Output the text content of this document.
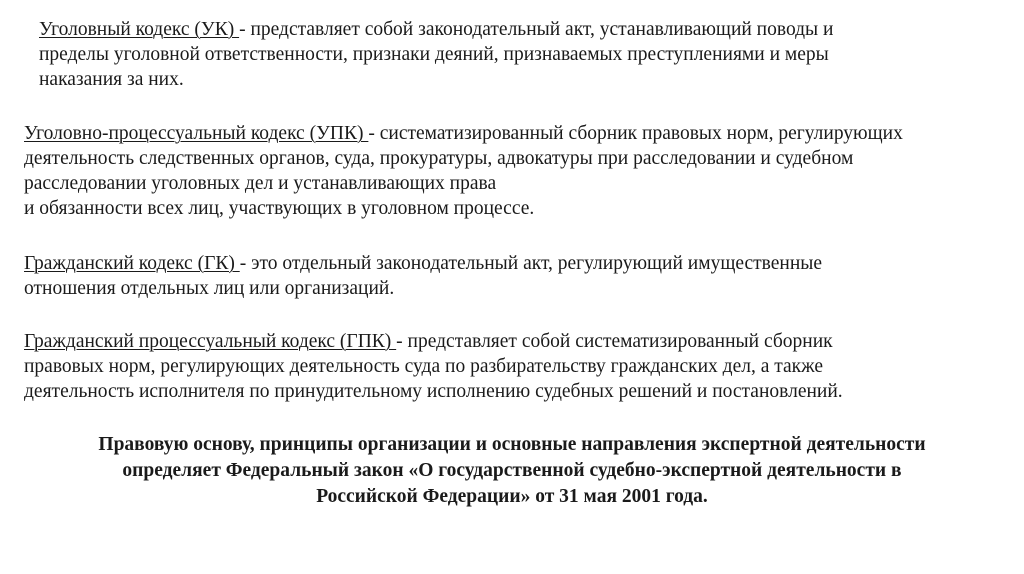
Уголовный кодекс (УК) - представляет собой законодательный акт, устанавливающий поводы и
пределы уголовной ответственности, признаки деяний, признаваемых преступлениями и меры
наказания за них.

Уголовно-процессуальный кодекс (УПК) - систематизированный сборник правовых норм, регулирующих
деятельность следственных органов, суда, прокуратуры, адвокатуры при расследовании и судебном
расследовании уголовных дел и устанавливающих права
и обязанности всех лиц, участвующих в уголовном процессе.

Гражданский кодекс (ГК) - это отдельный законодательный акт, регулирующий имущественные
отношения отдельных лиц или организаций.

Гражданский процессуальный кодекс (ГПК) - представляет собой систематизированный сборник
правовых норм, регулирующих деятельность суда по разбирательству гражданских дел, а также
деятельность исполнителя по принудительному исполнению судебных решений и постановлений.

Правовую основу, принципы организации и основные направления экспертной деятельности
определяет Федеральный закон «О государственной судебно-экспертной деятельности в
Российской Федерации» от 31 мая 2001 года.
